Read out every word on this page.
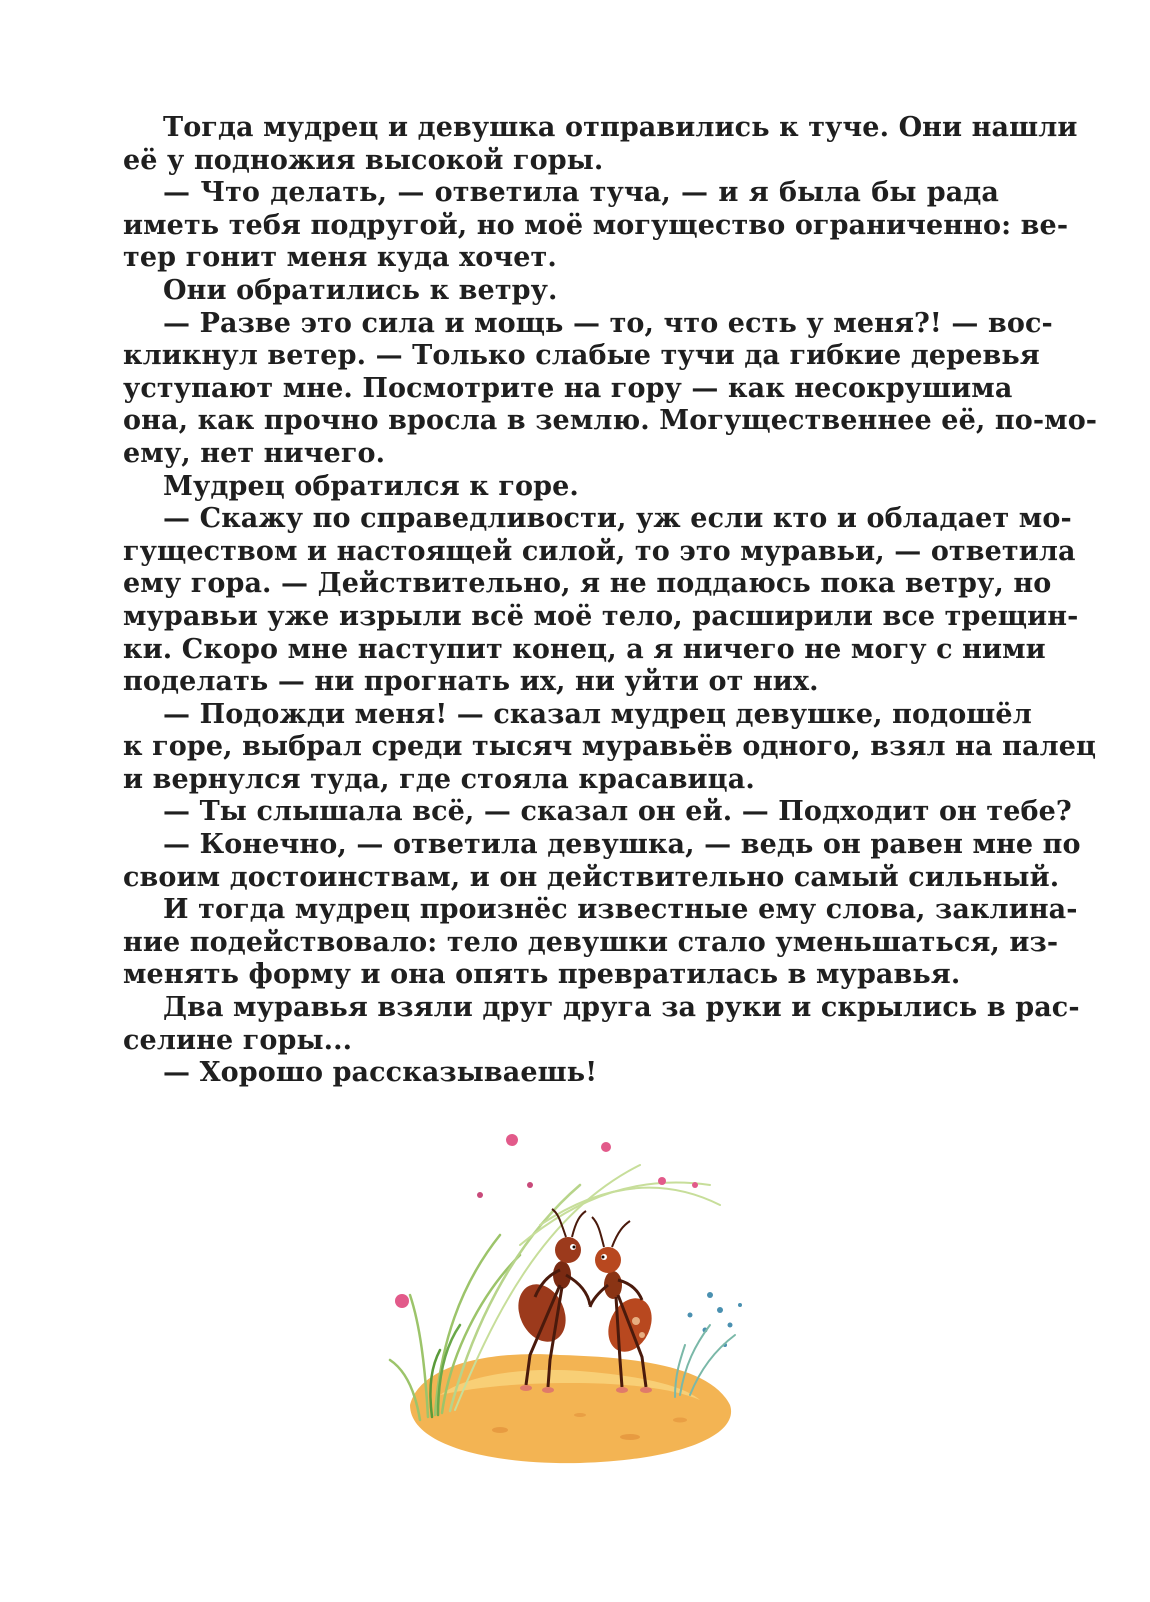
Тогда мудрец и девушка отправились к туче. Они нашли
её у подножия высокой горы.
— Что делать, — ответила туча, — и я была бы рада
иметь тебя подругой, но моё могущество ограниченно: ве-
тер гонит меня куда хочет.
Они обратились к ветру.
— Разве это сила и мощь — то, что есть у меня?! — вос-
кликнул ветер. — Только слабые тучи да гибкие деревья
уступают мне. Посмотрите на гору — как несокрушима
она, как прочно вросла в землю. Могущественнее её, по-мо-
ему, нет ничего.
Мудрец обратился к горе.
— Скажу по справедливости, уж если кто и обладает мо-
гуществом и настоящей силой, то это муравьи, — ответила
ему гора. — Действительно, я не поддаюсь пока ветру, но
муравьи уже изрыли всё моё тело, расширили все трещин-
ки. Скоро мне наступит конец, а я ничего не могу с ними
поделать — ни прогнать их, ни уйти от них.
— Подожди меня! — сказал мудрец девушке, подошёл
к горе, выбрал среди тысяч муравьёв одного, взял на палец
и вернулся туда, где стояла красавица.
— Ты слышала всё, — сказал он ей. — Подходит он тебе?
— Конечно, — ответила девушка, — ведь он равен мне по
своим достоинствам, и он действительно самый сильный.
И тогда мудрец произнёс известные ему слова, заклина-
ние подействовало: тело девушки стало уменьшаться, из-
менять форму и она опять превратилась в муравья.
Два муравья взяли друг друга за руки и скрылись в рас-
селине горы...
— Хорошо рассказываешь!
